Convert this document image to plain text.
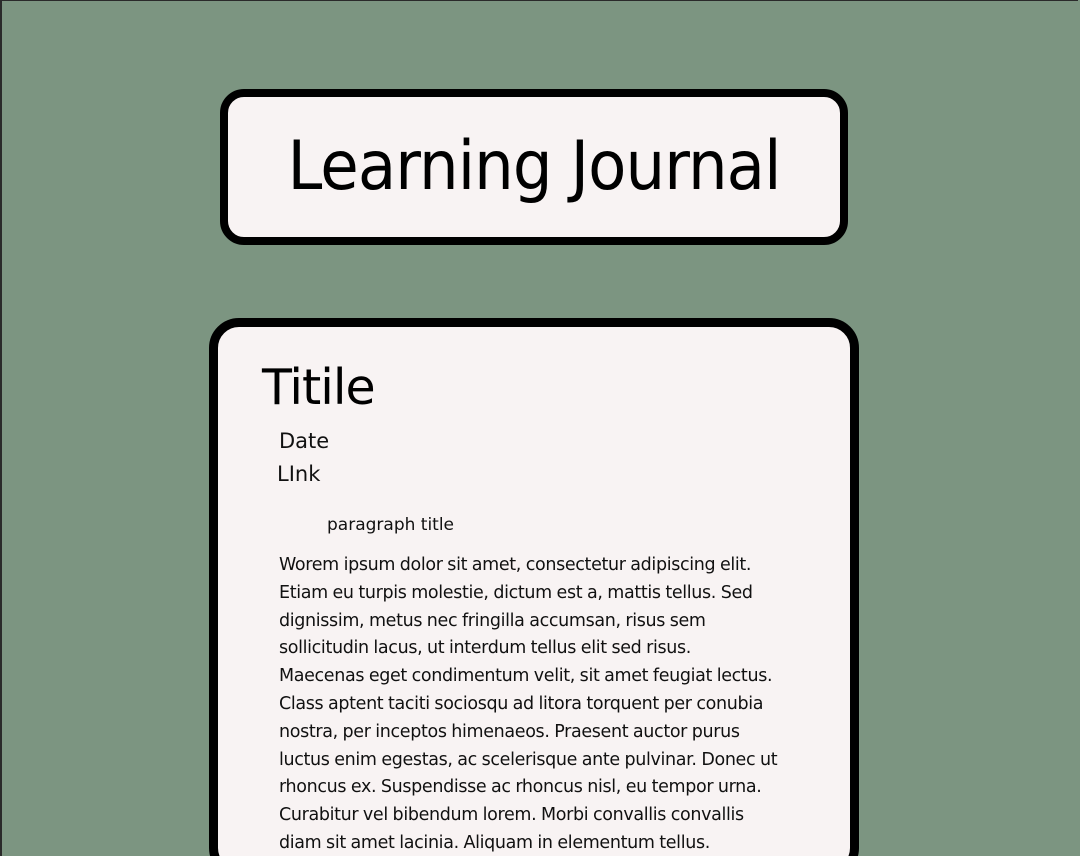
Learning Journal
Titile
Date
LInk
paragraph title

Worem ipsum dolor sit amet, consectetur adipiscing elit. Etiam eu turpis molestie, dictum est a, mattis tellus. Sed dignissim, metus nec fringilla accumsan, risus sem sollicitudin lacus, ut interdum tellus elit sed risus. Maecenas eget condimentum velit, sit amet feugiat lectus. Class aptent taciti sociosqu ad litora torquent per conubia nostra, per inceptos himenaeos. Praesent auctor purus luctus enim egestas, ac scelerisque ante pulvinar. Donec ut rhoncus ex. Suspendisse ac rhoncus nisl, eu tempor urna. Curabitur vel bibendum lorem. Morbi convallis convallis diam sit amet lacinia. Aliquam in elementum tellus.
